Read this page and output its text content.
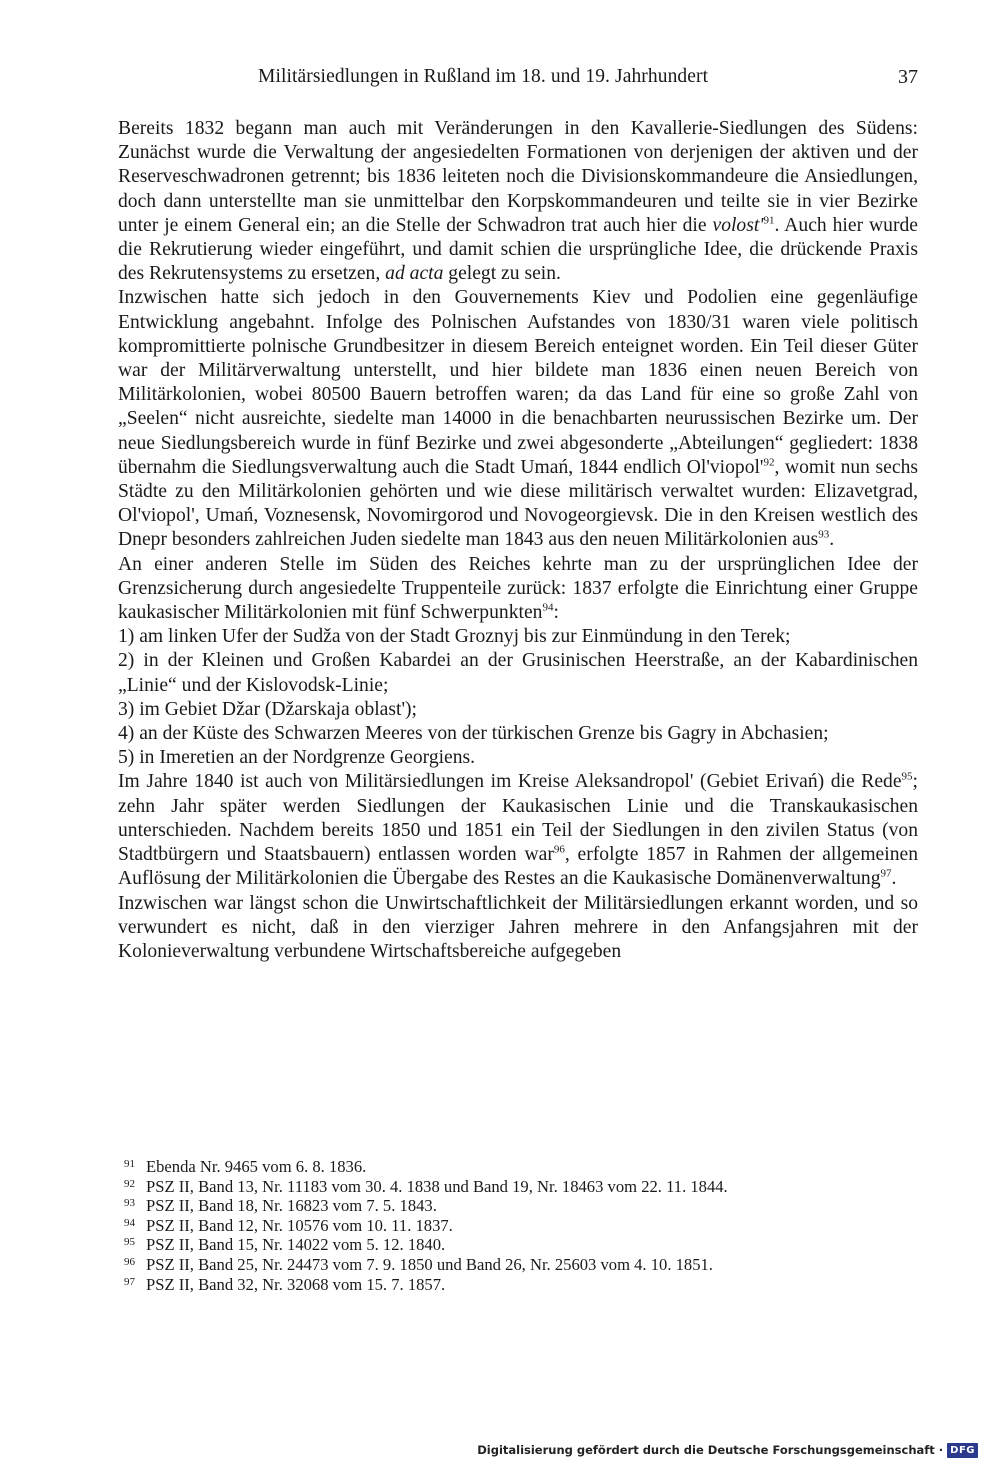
Militärsiedlungen in Rußland im 18. und 19. Jahrhundert	37

Bereits 1832 begann man auch mit Veränderungen in den Kavallerie-Siedlungen des Südens: Zunächst wurde die Verwaltung der angesiedelten Formationen von derjenigen der aktiven und der Reserveschwadronen getrennt; bis 1836 leiteten noch die Divisionskommandeure die Ansiedlungen, doch dann unterstellte man sie unmittelbar den Korpskommandeuren und teilte sie in vier Bezirke unter je einem General ein; an die Stelle der Schwadron trat auch hier die $volost'^{91}$. Auch hier wurde die Rekrutierung wieder eingeführt, und damit schien die ursprüngliche Idee, die drückende Praxis des Rekrutensystems zu ersetzen, ad acta gelegt zu sein.

Inzwischen hatte sich jedoch in den Gouvernements Kiev und Podolien eine gegenläufige Entwicklung angebahnt. Infolge des Polnischen Aufstandes von 1830/31 waren viele politisch kompromittierte polnische Grundbesitzer in diesem Bereich enteignet worden. Ein Teil dieser Güter war der Militärverwaltung unterstellt, und hier bildete man 1836 einen neuen Bereich von Militärkolonien, wobei 80500 Bauern betroffen waren; da das Land für eine so große Zahl von „Seelen“ nicht ausreichte, siedelte man 14000 in die benachbarten neurussischen Bezirke um. Der neue Siedlungsbereich wurde in fünf Bezirke und zwei abgesonderte „Abteilungen“ gegliedert: 1838 übernahm die Siedlungsverwaltung auch die Stadt Umań, 1844 endlich $Ol'viopol'^{92}$, womit nun sechs Städte zu den Militärkolonien gehörten und wie diese militärisch verwaltet wurden: Elizavetgrad, Ol'viopol', Umań, Voznesensk, Novomirgorod und Novogeorgievsk. Die in den Kreisen westlich des Dnepr besonders zahlreichen Juden siedelte man 1843 aus den neuen Militärkolonien aus$^{93}$.

An einer anderen Stelle im Süden des Reiches kehrte man zu der ursprünglichen Idee der Grenzsicherung durch angesiedelte Truppenteile zurück: 1837 erfolgte die Einrichtung einer Gruppe kaukasischer Militärkolonien mit fünf Schwerpunkten$^{94}$:

1) am linken Ufer der Sudža von der Stadt Groznyj bis zur Einmündung in den Terek;

2) in der Kleinen und Großen Kabardei an der Grusinischen Heerstraße, an der Kabardinischen „Linie“ und der Kislovodsk-Linie;

3) im Gebiet Džar (Džarskaja oblast');

4) an der Küste des Schwarzen Meeres von der türkischen Grenze bis Gagry in Abchasien;

5) in Imeretien an der Nordgrenze Georgiens.

Im Jahre 1840 ist auch von Militärsiedlungen im Kreise Aleksandropol' (Gebiet Erivań) die Rede$^{95}$; zehn Jahr später werden Siedlungen der Kaukasischen Linie und die Transkaukasischen unterschieden. Nachdem bereits 1850 und 1851 ein Teil der Siedlungen in den zivilen Status (von Stadtbürgern und Staatsbauern) entlassen worden war$^{96}$, erfolgte 1857 in Rahmen der allgemeinen Auflösung der Militärkolonien die Übergabe des Restes an die Kaukasische Domänenverwaltung$^{97}$.

Inzwischen war längst schon die Unwirtschaftlichkeit der Militärsiedlungen erkannt worden, und so verwundert es nicht, daß in den vierziger Jahren mehrere in den Anfangsjahren mit der Kolonieverwaltung verbundene Wirtschaftsbereiche aufgegeben

91 Ebenda Nr. 9465 vom 6. 8. 1836.
92 PSZ II, Band 13, Nr. 11183 vom 30. 4. 1838 und Band 19, Nr. 18463 vom 22. 11. 1844.
93 PSZ II, Band 18, Nr. 16823 vom 7. 5. 1843.
94 PSZ II, Band 12, Nr. 10576 vom 10. 11. 1837.
95 PSZ II, Band 15, Nr. 14022 vom 5. 12. 1840.
96 PSZ II, Band 25, Nr. 24473 vom 7. 9. 1850 und Band 26, Nr. 25603 vom 4. 10. 1851.
97 PSZ II, Band 32, Nr. 32068 vom 15. 7. 1857.
Digitalisierung gefördert durch die Deutsche Forschungsgemeinschaft · DFG
